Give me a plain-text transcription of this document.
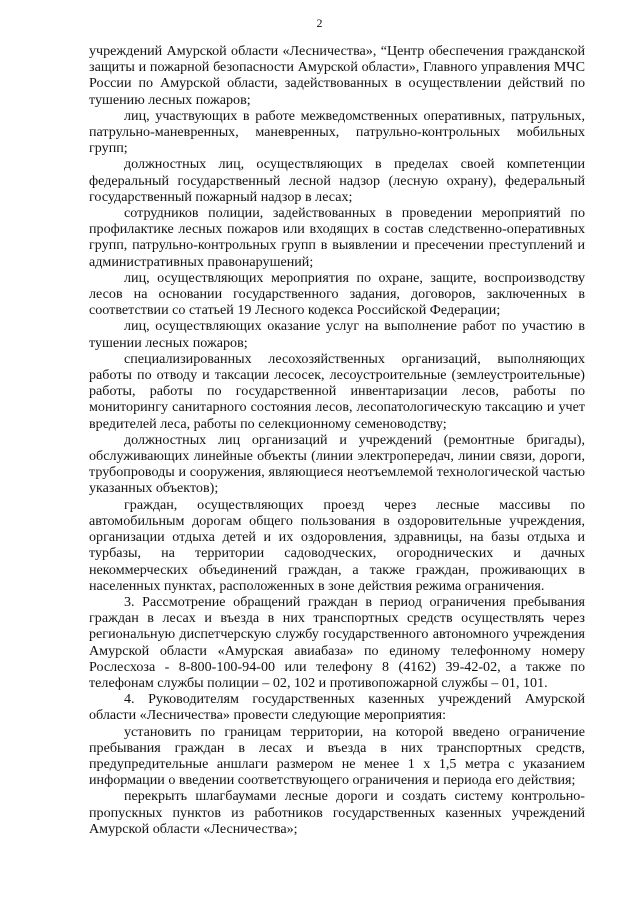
2

учреждений Амурской области «Лесничества», “Центр обеспечения гражданской защиты и пожарной безопасности Амурской области», Главного управления МЧС России по Амурской области, задействованных в осуществлении действий по тушению лесных пожаров;

лиц, участвующих в работе межведомственных оперативных, патрульных, патрульно-маневренных, маневренных, патрульно-контрольных мобильных групп;

должностных лиц, осуществляющих в пределах своей компетенции федеральный государственный лесной надзор (лесную охрану), федеральный государственный пожарный надзор в лесах;

сотрудников полиции, задействованных в проведении мероприятий по профилактике лесных пожаров или входящих в состав следственно-оперативных групп, патрульно-контрольных групп в выявлении и пресечении преступлений и административных правонарушений;

лиц, осуществляющих мероприятия по охране, защите, воспроизводству лесов на основании государственного задания, договоров, заключенных в соответствии со статьей 19 Лесного кодекса Российской Федерации;

лиц, осуществляющих оказание услуг на выполнение работ по участию в тушении лесных пожаров;

специализированных лесохозяйственных организаций, выполняющих работы по отводу и таксации лесосек, лесоустроительные (землеустроительные) работы, работы по государственной инвентаризации лесов, работы по мониторингу санитарного состояния лесов, лесопатологическую таксацию и учет вредителей леса, работы по селекционному семеноводству;

должностных лиц организаций и учреждений (ремонтные бригады), обслуживающих линейные объекты (линии электропередач, линии связи, дороги, трубопроводы и сооружения, являющиеся неотъемлемой технологической частью указанных объектов);

граждан, осуществляющих проезд через лесные массивы по автомобильным дорогам общего пользования в оздоровительные учреждения, организации отдыха детей и их оздоровления, здравницы, на базы отдыха и турбазы, на территории садоводческих, огороднических и дачных некоммерческих объединений граждан, а также граждан, проживающих в населенных пунктах, расположенных в зоне действия режима ограничения.

3. Рассмотрение обращений граждан в период ограничения пребывания граждан в лесах и въезда в них транспортных средств осуществлять через региональную диспетчерскую службу государственного автономного учреждения Амурской области «Амурская авиабаза» по единому телефонному номеру Рослесхоза - 8-800-100-94-00 или телефону 8 (4162) 39-42-02, а также по телефонам службы полиции – 02, 102 и противопожарной службы – 01, 101.

4. Руководителям государственных казенных учреждений Амурской области «Лесничества» провести следующие мероприятия:

установить по границам территории, на которой введено ограничение пребывания граждан в лесах и въезда в них транспортных средств, предупредительные аншлаги размером не менее 1 х 1,5 метра с указанием информации о введении соответствующего ограничения и периода его действия;

перекрыть шлагбаумами лесные дороги и создать систему контрольно-пропускных пунктов из работников государственных казенных учреждений Амурской области «Лесничества»;
